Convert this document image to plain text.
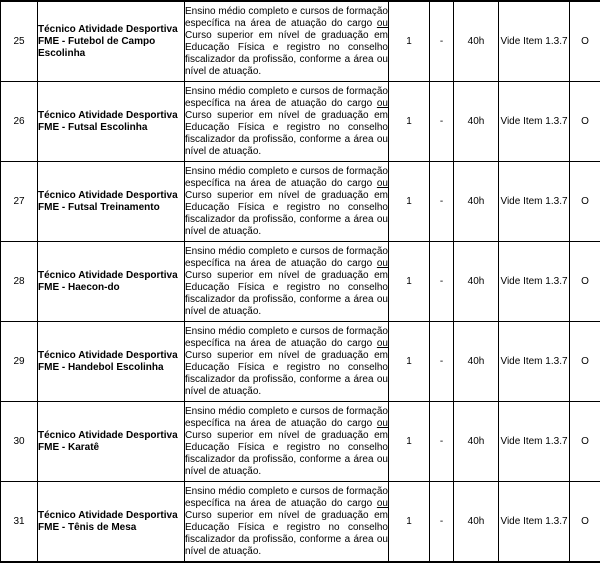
25	Técnico Atividade Desportiva FME - Futebol de Campo Escolinha	Ensino médio completo e cursos de formação específica na área de atuação do cargo ou Curso superior em nível de graduação em Educação Física e registro no conselho fiscalizador da profissão, conforme a área ou nível de atuação.	1	-	40h	Vide Item 1.3.7	O
26	Técnico Atividade Desportiva FME - Futsal Escolinha	Ensino médio completo e cursos de formação específica na área de atuação do cargo ou Curso superior em nível de graduação em Educação Física e registro no conselho fiscalizador da profissão, conforme a área ou nível de atuação.	1	-	40h	Vide Item 1.3.7	O
27	Técnico Atividade Desportiva FME - Futsal Treinamento	Ensino médio completo e cursos de formação específica na área de atuação do cargo ou Curso superior em nível de graduação em Educação Física e registro no conselho fiscalizador da profissão, conforme a área ou nível de atuação.	1	-	40h	Vide Item 1.3.7	O
28	Técnico Atividade Desportiva FME - Haecon-do	Ensino médio completo e cursos de formação específica na área de atuação do cargo ou Curso superior em nível de graduação em Educação Física e registro no conselho fiscalizador da profissão, conforme a área ou nível de atuação.	1	-	40h	Vide Item 1.3.7	O
29	Técnico Atividade Desportiva FME - Handebol Escolinha	Ensino médio completo e cursos de formação específica na área de atuação do cargo ou Curso superior em nível de graduação em Educação Física e registro no conselho fiscalizador da profissão, conforme a área ou nível de atuação.	1	-	40h	Vide Item 1.3.7	O
30	Técnico Atividade Desportiva FME - Karatê	Ensino médio completo e cursos de formação específica na área de atuação do cargo ou Curso superior em nível de graduação em Educação Física e registro no conselho fiscalizador da profissão, conforme a área ou nível de atuação.	1	-	40h	Vide Item 1.3.7	O
31	Técnico Atividade Desportiva FME - Tênis de Mesa	Ensino médio completo e cursos de formação específica na área de atuação do cargo ou Curso superior em nível de graduação em Educação Física e registro no conselho fiscalizador da profissão, conforme a área ou nível de atuação.	1	-	40h	Vide Item 1.3.7	O
